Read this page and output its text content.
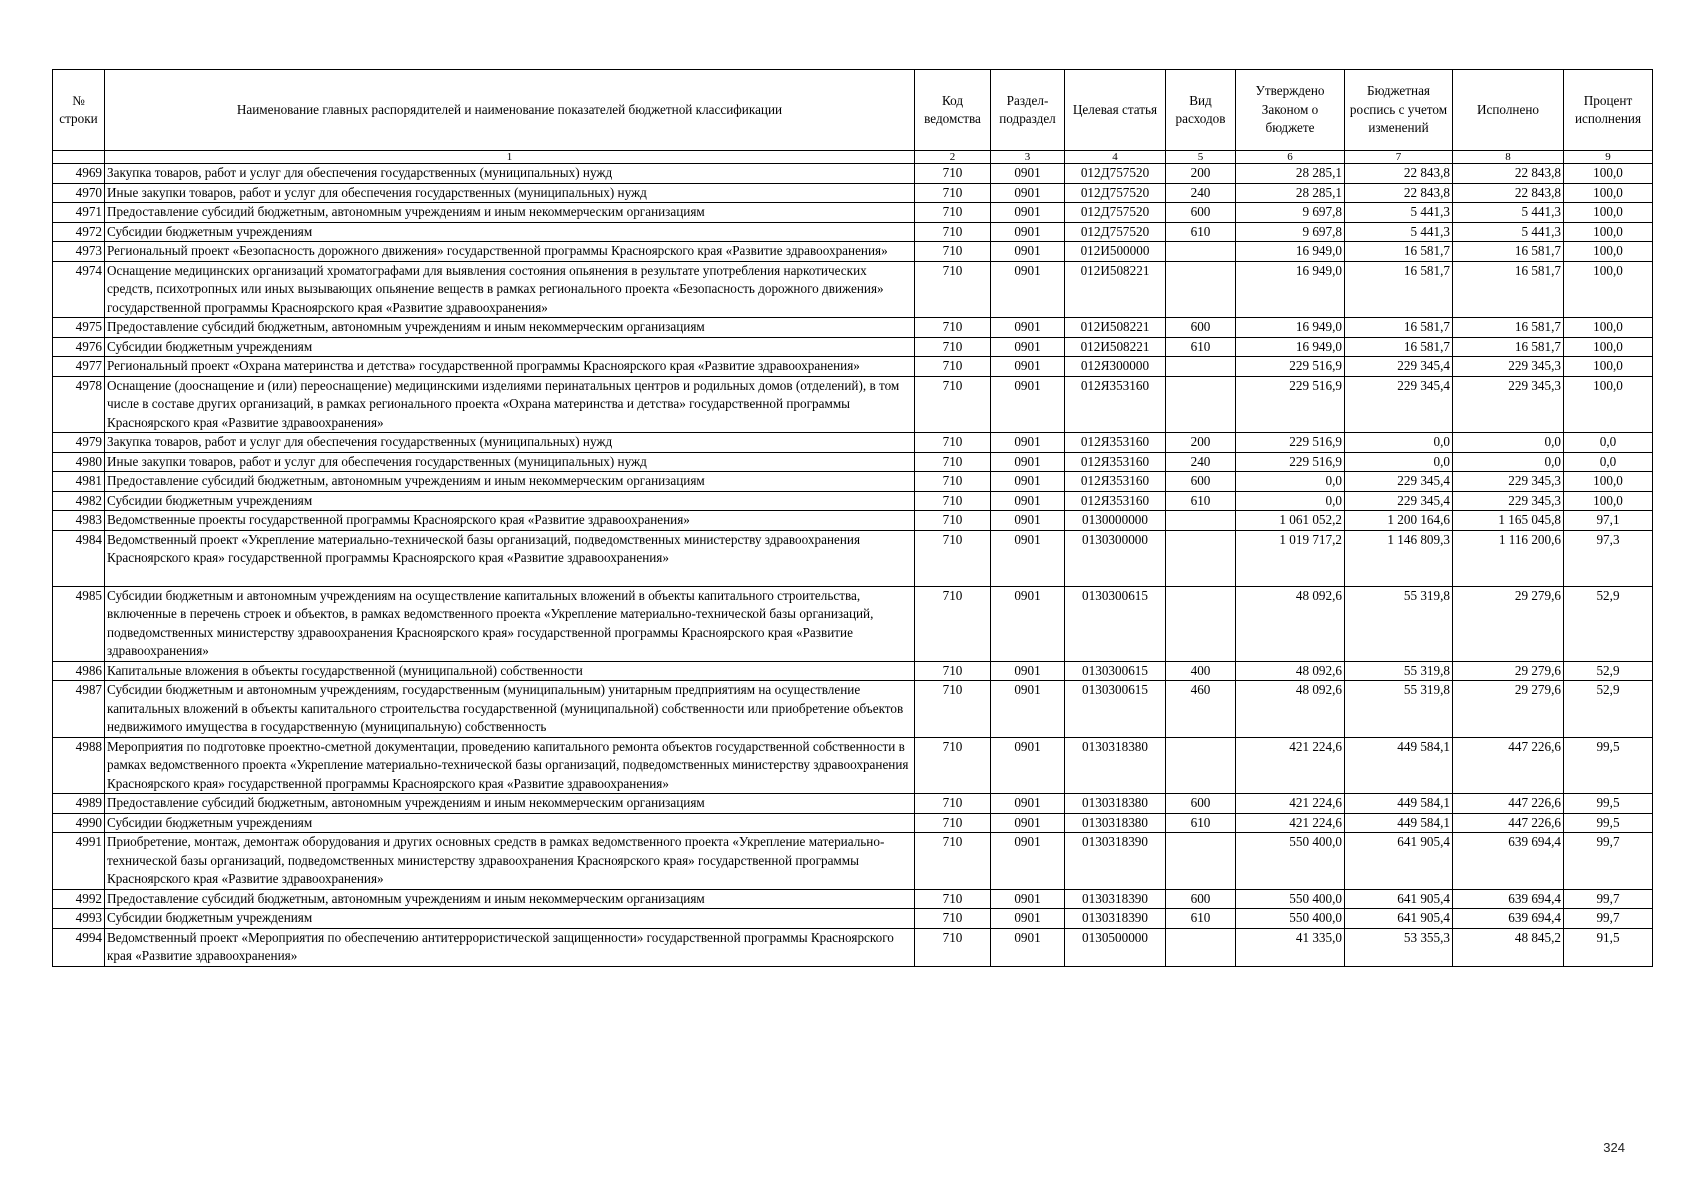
№ строки	Наименование главных распорядителей и наименование показателей бюджетной классификации	Код ведомства	Раздел-подраздел	Целевая статья	Вид расходов	Утверждено Законом о бюджете	Бюджетная роспись с учетом изменений	Исполнено	Процент исполнения
	1	2	3	4	5	6	7	8	9
4969	Закупка товаров, работ и услуг для обеспечения государственных (муниципальных) нужд	710	0901	012Д757520	200	28 285,1	22 843,8	22 843,8	100,0
4970	Иные закупки товаров, работ и услуг для обеспечения государственных (муниципальных) нужд	710	0901	012Д757520	240	28 285,1	22 843,8	22 843,8	100,0
4971	Предоставление субсидий бюджетным, автономным учреждениям и иным некоммерческим организациям	710	0901	012Д757520	600	9 697,8	5 441,3	5 441,3	100,0
4972	Субсидии бюджетным учреждениям	710	0901	012Д757520	610	9 697,8	5 441,3	5 441,3	100,0
4973	Региональный проект «Безопасность дорожного движения» государственной программы Красноярского края «Развитие здравоохранения»	710	0901	012И500000		16 949,0	16 581,7	16 581,7	100,0
4974	Оснащение медицинских организаций хроматографами для выявления состояния опьянения в результате употребления наркотических средств, психотропных или иных вызывающих опьянение веществ в рамках регионального проекта «Безопасность дорожного движения» государственной программы Красноярского края «Развитие здравоохранения»	710	0901	012И508221		16 949,0	16 581,7	16 581,7	100,0
4975	Предоставление субсидий бюджетным, автономным учреждениям и иным некоммерческим организациям	710	0901	012И508221	600	16 949,0	16 581,7	16 581,7	100,0
4976	Субсидии бюджетным учреждениям	710	0901	012И508221	610	16 949,0	16 581,7	16 581,7	100,0
4977	Региональный проект «Охрана материнства и детства» государственной программы Красноярского края «Развитие здравоохранения»	710	0901	012Я300000		229 516,9	229 345,4	229 345,3	100,0
4978	Оснащение (дооснащение и (или) переоснащение) медицинскими изделиями перинатальных центров и родильных домов (отделений), в том числе в составе других организаций, в рамках регионального проекта «Охрана материнства и детства» государственной программы Красноярского края «Развитие здравоохранения»	710	0901	012Я353160		229 516,9	229 345,4	229 345,3	100,0
4979	Закупка товаров, работ и услуг для обеспечения государственных (муниципальных) нужд	710	0901	012Я353160	200	229 516,9	0,0	0,0	0,0
4980	Иные закупки товаров, работ и услуг для обеспечения государственных (муниципальных) нужд	710	0901	012Я353160	240	229 516,9	0,0	0,0	0,0
4981	Предоставление субсидий бюджетным, автономным учреждениям и иным некоммерческим организациям	710	0901	012Я353160	600	0,0	229 345,4	229 345,3	100,0
4982	Субсидии бюджетным учреждениям	710	0901	012Я353160	610	0,0	229 345,4	229 345,3	100,0
4983	Ведомственные проекты государственной программы Красноярского края «Развитие здравоохранения»	710	0901	0130000000		1 061 052,2	1 200 164,6	1 165 045,8	97,1
4984	Ведомственный проект «Укрепление материально-технической базы организаций, подведомственных министерству здравоохранения Красноярского края» государственной программы Красноярского края «Развитие здравоохранения»	710	0901	0130300000		1 019 717,2	1 146 809,3	1 116 200,6	97,3
4985	Субсидии бюджетным и автономным учреждениям на осуществление капитальных вложений в объекты капитального строительства, включенные в перечень строек и объектов, в рамках ведомственного проекта «Укрепление материально-технической базы организаций, подведомственных министерству здравоохранения Красноярского края» государственной программы Красноярского края «Развитие здравоохранения»	710	0901	0130300615		48 092,6	55 319,8	29 279,6	52,9
4986	Капитальные вложения в объекты государственной (муниципальной) собственности	710	0901	0130300615	400	48 092,6	55 319,8	29 279,6	52,9
4987	Субсидии бюджетным и автономным учреждениям, государственным (муниципальным) унитарным предприятиям на осуществление капитальных вложений в объекты капитального строительства государственной (муниципальной) собственности или приобретение объектов недвижимого имущества в государственную (муниципальную) собственность	710	0901	0130300615	460	48 092,6	55 319,8	29 279,6	52,9
4988	Мероприятия по подготовке проектно-сметной документации, проведению капитального ремонта объектов государственной собственности в рамках ведомственного проекта «Укрепление материально-технической базы организаций, подведомственных министерству здравоохранения Красноярского края» государственной программы Красноярского края «Развитие здравоохранения»	710	0901	0130318380		421 224,6	449 584,1	447 226,6	99,5
4989	Предоставление субсидий бюджетным, автономным учреждениям и иным некоммерческим организациям	710	0901	0130318380	600	421 224,6	449 584,1	447 226,6	99,5
4990	Субсидии бюджетным учреждениям	710	0901	0130318380	610	421 224,6	449 584,1	447 226,6	99,5
4991	Приобретение, монтаж, демонтаж оборудования и других основных средств в рамках ведомственного проекта «Укрепление материально-технической базы организаций, подведомственных министерству здравоохранения Красноярского края» государственной программы Красноярского края «Развитие здравоохранения»	710	0901	0130318390		550 400,0	641 905,4	639 694,4	99,7
4992	Предоставление субсидий бюджетным, автономным учреждениям и иным некоммерческим организациям	710	0901	0130318390	600	550 400,0	641 905,4	639 694,4	99,7
4993	Субсидии бюджетным учреждениям	710	0901	0130318390	610	550 400,0	641 905,4	639 694,4	99,7
4994	Ведомственный проект «Мероприятия по обеспечению антитеррористической защищенности» государственной программы Красноярского края «Развитие здравоохранения»	710	0901	0130500000		41 335,0	53 355,3	48 845,2	91,5
324
